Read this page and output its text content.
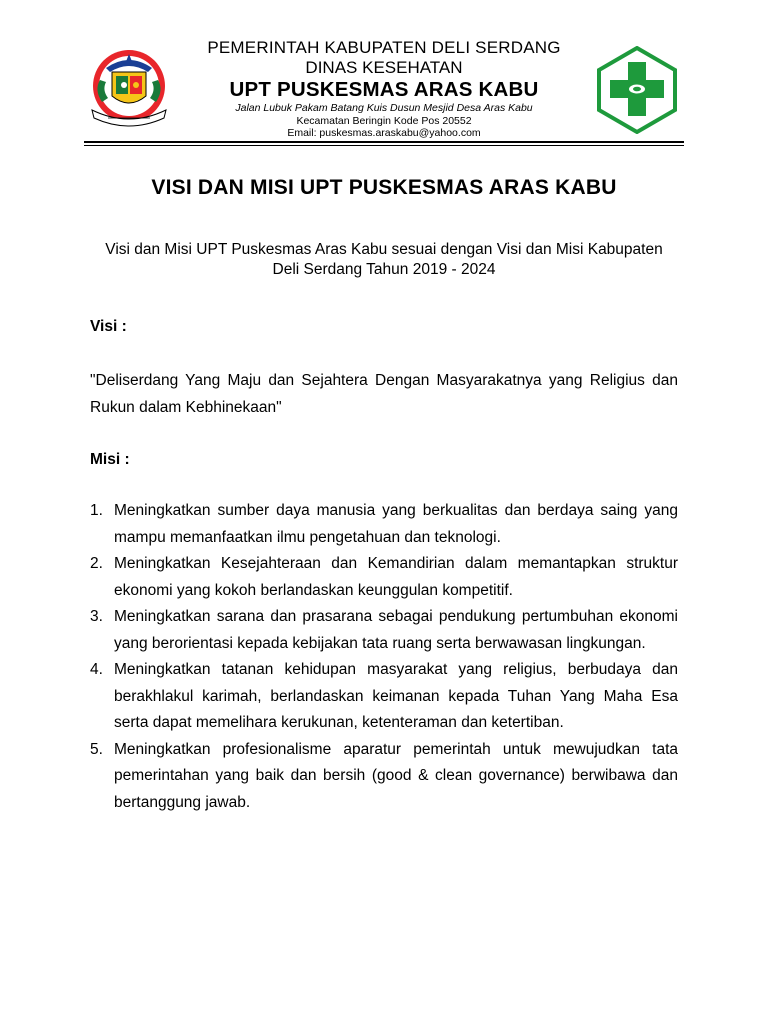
PEMERINTAH KABUPATEN DELI SERDANG
DINAS KESEHATAN
UPT PUSKESMAS ARAS KABU
Jalan Lubuk Pakam Batang Kuis Dusun Mesjid Desa Aras Kabu
Kecamatan Beringin Kode Pos 20552
Email: puskesmas.araskabu@yahoo.com
VISI DAN MISI UPT PUSKESMAS ARAS KABU
Visi dan Misi UPT Puskesmas Aras Kabu sesuai dengan Visi dan Misi Kabupaten Deli Serdang Tahun 2019 - 2024
Visi :
"Deliserdang Yang Maju dan Sejahtera Dengan Masyarakatnya yang Religius dan Rukun dalam Kebhinekaan"
Misi :
1. Meningkatkan sumber daya manusia yang berkualitas dan berdaya saing yang mampu memanfaatkan ilmu pengetahuan dan teknologi.
2. Meningkatkan Kesejahteraan dan Kemandirian dalam memantapkan struktur ekonomi yang kokoh berlandaskan keunggulan kompetitif.
3. Meningkatkan sarana dan prasarana sebagai pendukung pertumbuhan ekonomi yang berorientasi kepada kebijakan tata ruang serta berwawasan lingkungan.
4. Meningkatkan tatanan kehidupan masyarakat yang religius, berbudaya dan berakhlakul karimah, berlandaskan keimanan kepada Tuhan Yang Maha Esa serta dapat memelihara kerukunan, ketenteraman dan ketertiban.
5. Meningkatkan profesionalisme aparatur pemerintah untuk mewujudkan tata pemerintahan yang baik dan bersih (good & clean governance) berwibawa dan bertanggung jawab.
